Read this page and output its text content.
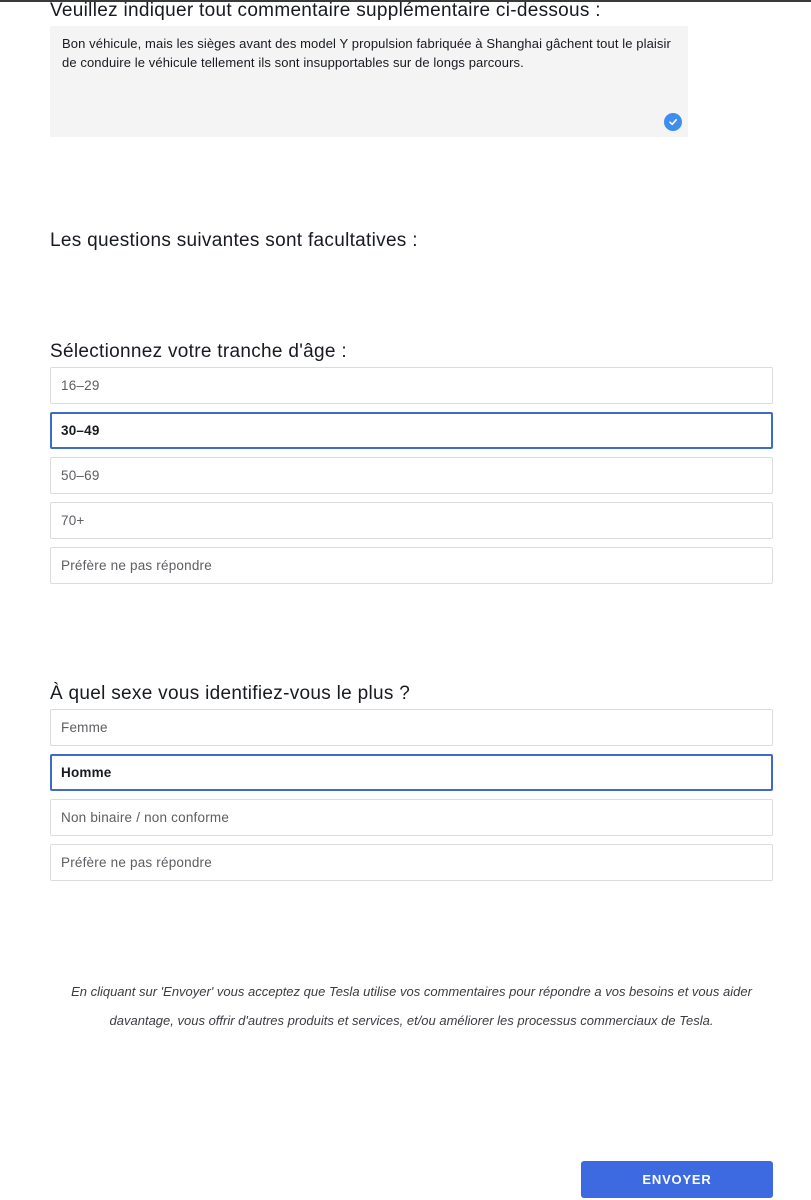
Veuillez indiquer tout commentaire supplémentaire ci-dessous :
Bon véhicule, mais les sièges avant des model Y propulsion fabriquée à Shanghai gâchent tout le plaisir de conduire le véhicule tellement ils sont insupportables sur de longs parcours.
Les questions suivantes sont facultatives :
Sélectionnez votre tranche d'âge :
16–29
30–49
50–69
70+
Préfère ne pas répondre
À quel sexe vous identifiez-vous le plus ?
Femme
Homme
Non binaire / non conforme
Préfère ne pas répondre

En cliquant sur 'Envoyer' vous acceptez que Tesla utilise vos commentaires pour répondre a vos besoins et vous aider davantage, vous offrir d'autres produits et services, et/ou améliorer les processus commerciaux de Tesla.

ENVOYER
